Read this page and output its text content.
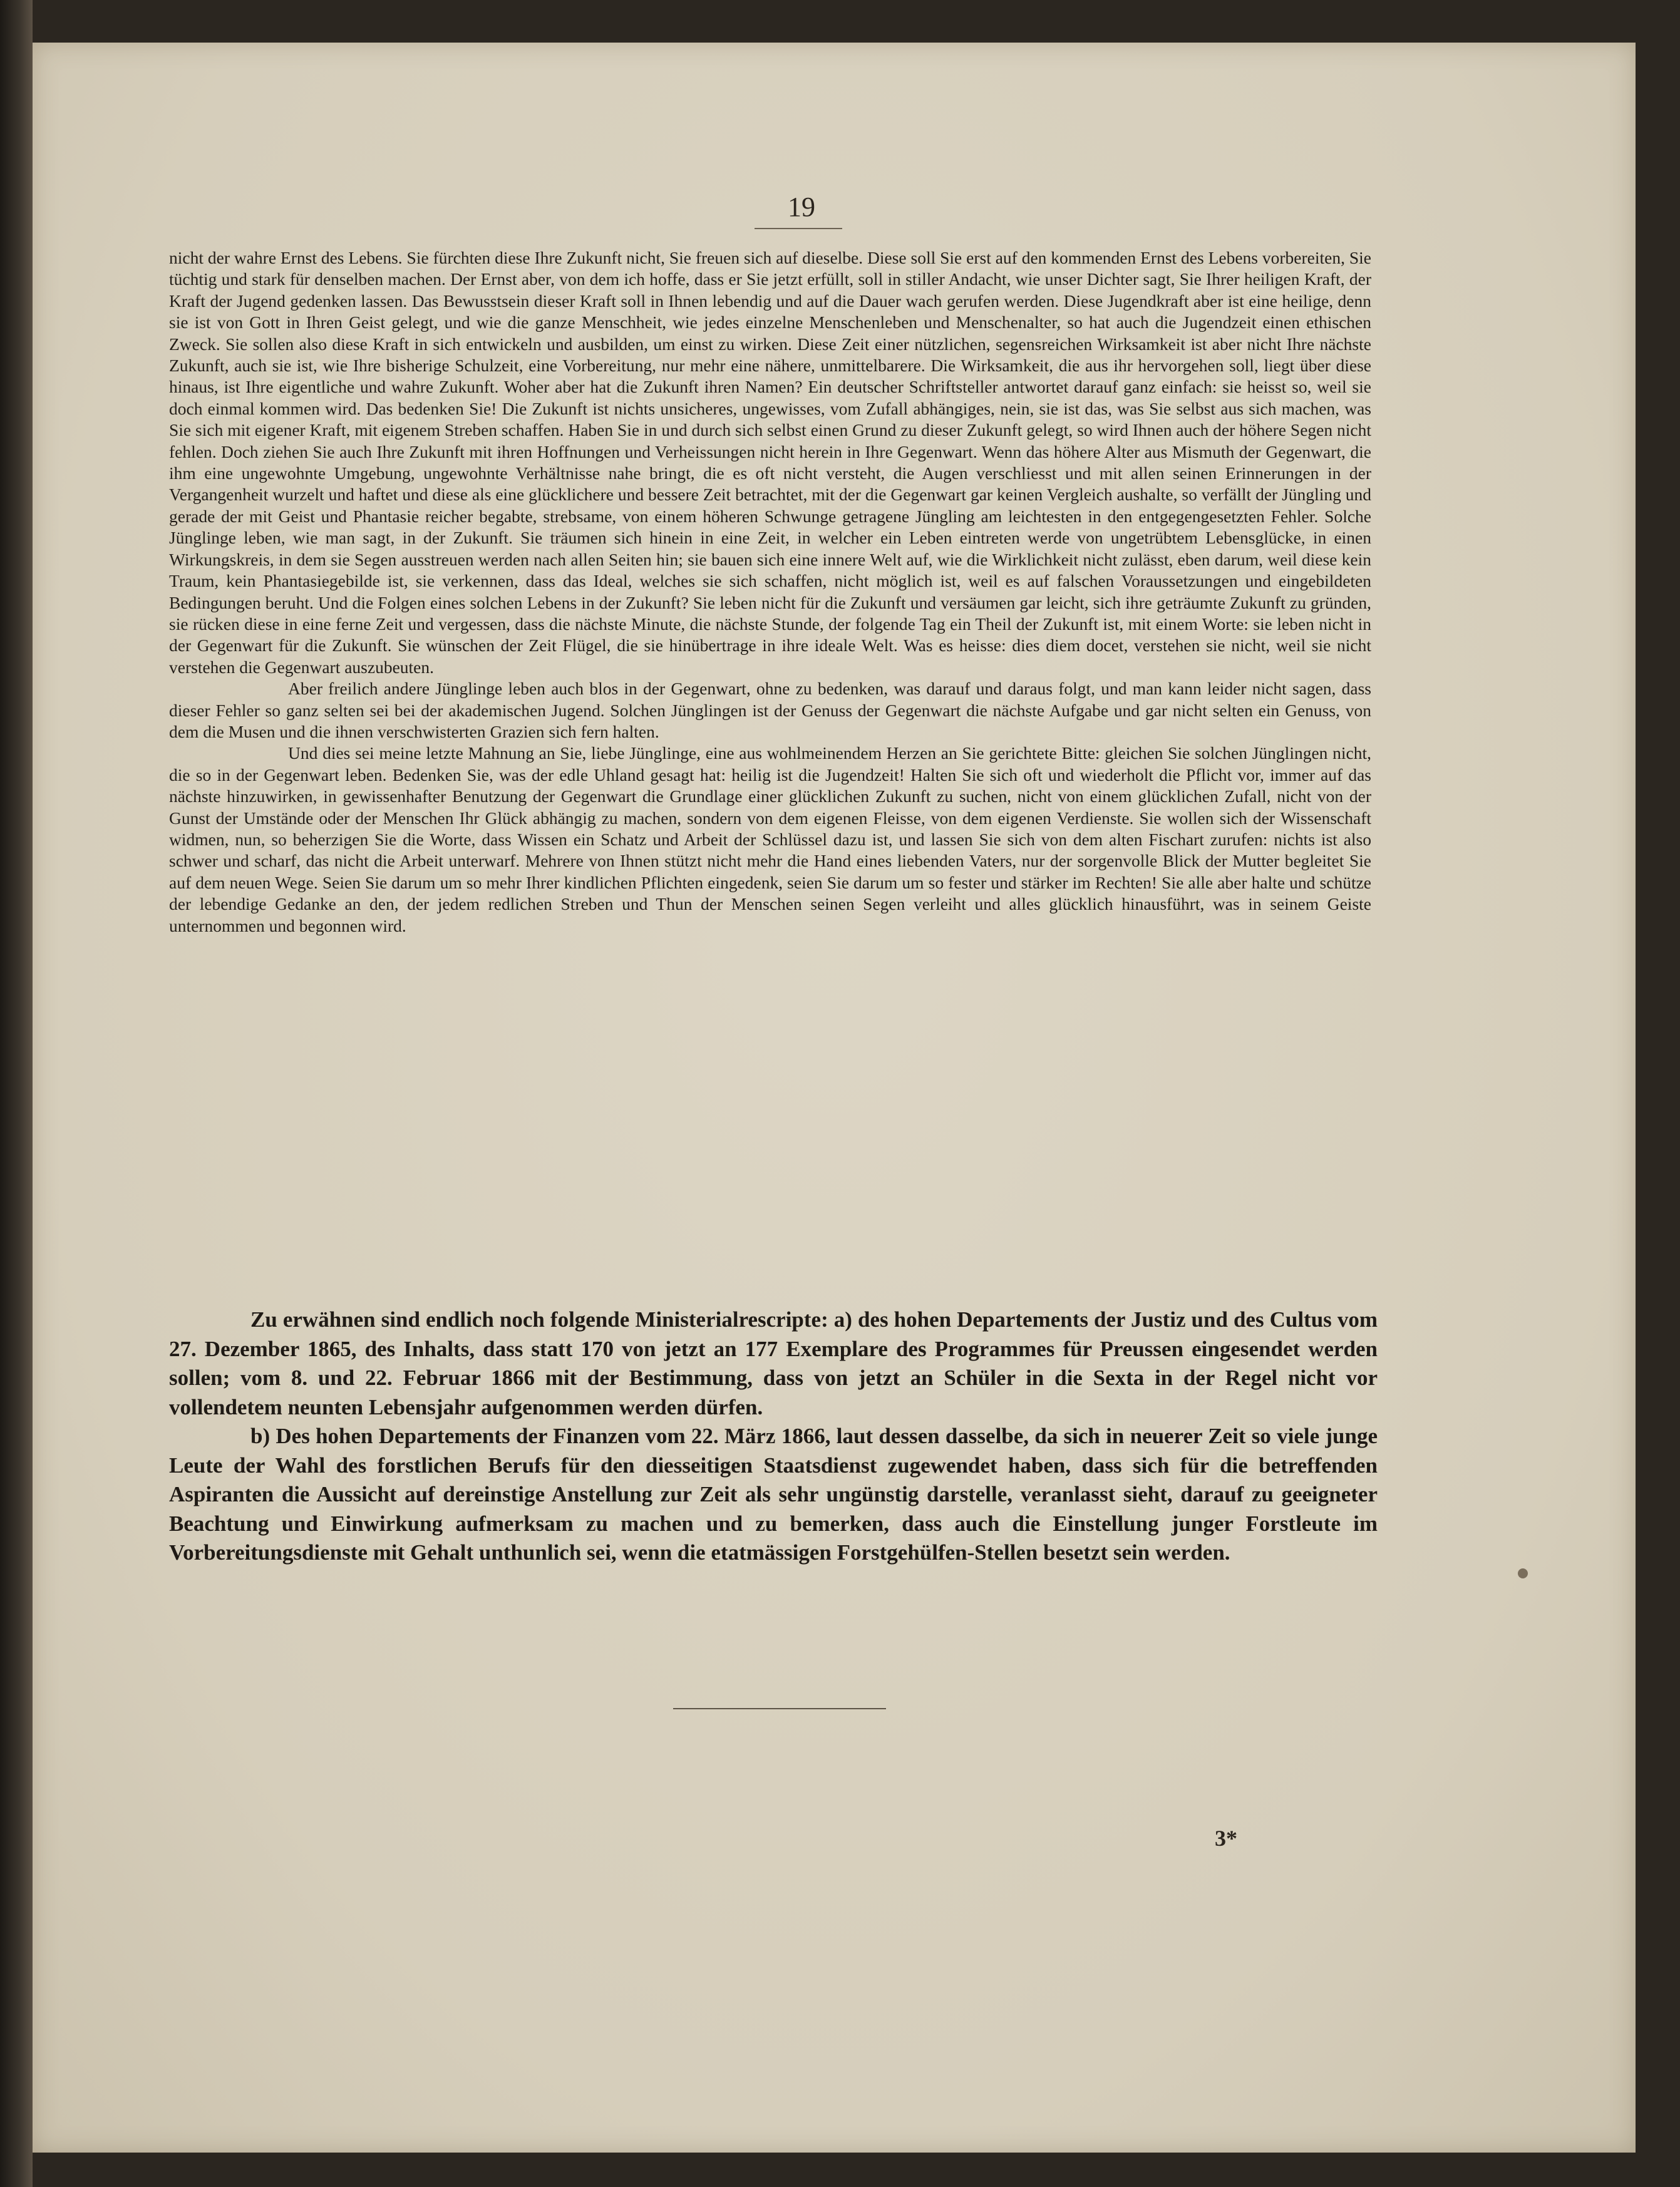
19

nicht der wahre Ernst des Lebens. Sie fürchten diese Ihre Zukunft nicht, Sie freuen sich auf dieselbe. Diese soll Sie erst auf den kommenden Ernst des Lebens vorbereiten, Sie tüchtig und stark für denselben machen. Der Ernst aber, von dem ich hoffe, dass er Sie jetzt erfüllt, soll in stiller Andacht, wie unser Dichter sagt, Sie Ihrer heiligen Kraft, der Kraft der Jugend gedenken lassen. Das Bewusstsein dieser Kraft soll in Ihnen lebendig und auf die Dauer wach gerufen werden. Diese Jugendkraft aber ist eine heilige, denn sie ist von Gott in Ihren Geist gelegt, und wie die ganze Menschheit, wie jedes einzelne Menschenleben und Menschenalter, so hat auch die Jugendzeit einen ethischen Zweck. Sie sollen also diese Kraft in sich entwickeln und ausbilden, um einst zu wirken. Diese Zeit einer nützlichen, segensreichen Wirksamkeit ist aber nicht Ihre nächste Zukunft, auch sie ist, wie Ihre bisherige Schulzeit, eine Vorbereitung, nur mehr eine nähere, unmittelbarere. Die Wirksamkeit, die aus ihr hervorgehen soll, liegt über diese hinaus, ist Ihre eigentliche und wahre Zukunft. Woher aber hat die Zukunft ihren Namen? Ein deutscher Schriftsteller antwortet darauf ganz einfach: sie heisst so, weil sie doch einmal kommen wird. Das bedenken Sie! Die Zukunft ist nichts unsicheres, ungewisses, vom Zufall abhängiges, nein, sie ist das, was Sie selbst aus sich machen, was Sie sich mit eigener Kraft, mit eigenem Streben schaffen. Haben Sie in und durch sich selbst einen Grund zu dieser Zukunft gelegt, so wird Ihnen auch der höhere Segen nicht fehlen. Doch ziehen Sie auch Ihre Zukunft mit ihren Hoffnungen und Verheissungen nicht herein in Ihre Gegenwart. Wenn das höhere Alter aus Mismuth der Gegenwart, die ihm eine ungewohnte Umgebung, ungewohnte Verhältnisse nahe bringt, die es oft nicht versteht, die Augen verschliesst und mit allen seinen Erinnerungen in der Vergangenheit wurzelt und haftet und diese als eine glücklichere und bessere Zeit betrachtet, mit der die Gegenwart gar keinen Vergleich aushalte, so verfällt der Jüngling und gerade der mit Geist und Phantasie reicher begabte, strebsame, von einem höheren Schwunge getragene Jüngling am leichtesten in den entgegengesetzten Fehler. Solche Jünglinge leben, wie man sagt, in der Zukunft. Sie träumen sich hinein in eine Zeit, in welcher ein Leben eintreten werde von ungetrübtem Lebensglücke, in einen Wirkungskreis, in dem sie Segen ausstreuen werden nach allen Seiten hin; sie bauen sich eine innere Welt auf, wie die Wirklichkeit nicht zulässt, eben darum, weil diese kein Traum, kein Phantasiegebilde ist, sie verkennen, dass das Ideal, welches sie sich schaffen, nicht möglich ist, weil es auf falschen Voraussetzungen und eingebildeten Bedingungen beruht. Und die Folgen eines solchen Lebens in der Zukunft? Sie leben nicht für die Zukunft und versäumen gar leicht, sich ihre geträumte Zukunft zu gründen, sie rücken diese in eine ferne Zeit und vergessen, dass die nächste Minute, die nächste Stunde, der folgende Tag ein Theil der Zukunft ist, mit einem Worte: sie leben nicht in der Gegenwart für die Zukunft. Sie wünschen der Zeit Flügel, die sie hinübertrage in ihre ideale Welt. Was es heisse: dies diem docet, verstehen sie nicht, weil sie nicht verstehen die Gegenwart auszubeuten.

Aber freilich andere Jünglinge leben auch blos in der Gegenwart, ohne zu bedenken, was darauf und daraus folgt, und man kann leider nicht sagen, dass dieser Fehler so ganz selten sei bei der akademischen Jugend. Solchen Jünglingen ist der Genuss der Gegenwart die nächste Aufgabe und gar nicht selten ein Genuss, von dem die Musen und die ihnen verschwisterten Grazien sich fern halten.

Und dies sei meine letzte Mahnung an Sie, liebe Jünglinge, eine aus wohlmeinendem Herzen an Sie gerichtete Bitte: gleichen Sie solchen Jünglingen nicht, die so in der Gegenwart leben. Bedenken Sie, was der edle Uhland gesagt hat: heilig ist die Jugendzeit! Halten Sie sich oft und wiederholt die Pflicht vor, immer auf das nächste hinzuwirken, in gewissenhafter Benutzung der Gegenwart die Grundlage einer glücklichen Zukunft zu suchen, nicht von einem glücklichen Zufall, nicht von der Gunst der Umstände oder der Menschen Ihr Glück abhängig zu machen, sondern von dem eigenen Fleisse, von dem eigenen Verdienste. Sie wollen sich der Wissenschaft widmen, nun, so beherzigen Sie die Worte, dass Wissen ein Schatz und Arbeit der Schlüssel dazu ist, und lassen Sie sich von dem alten Fischart zurufen: nichts ist also schwer und scharf, das nicht die Arbeit unterwarf. Mehrere von Ihnen stützt nicht mehr die Hand eines liebenden Vaters, nur der sorgenvolle Blick der Mutter begleitet Sie auf dem neuen Wege. Seien Sie darum um so mehr Ihrer kindlichen Pflichten eingedenk, seien Sie darum um so fester und stärker im Rechten! Sie alle aber halte und schütze der lebendige Gedanke an den, der jedem redlichen Streben und Thun der Menschen seinen Segen verleiht und alles glücklich hinausführt, was in seinem Geiste unternommen und begonnen wird.

Zu erwähnen sind endlich noch folgende Ministerialrescripte: a) des hohen Departements der Justiz und des Cultus vom 27. Dezember 1865, des Inhalts, dass statt 170 von jetzt an 177 Exemplare des Programmes für Preussen eingesendet werden sollen; vom 8. und 22. Februar 1866 mit der Bestimmung, dass von jetzt an Schüler in die Sexta in der Regel nicht vor vollendetem neunten Lebensjahr aufgenommen werden dürfen.

b) Des hohen Departements der Finanzen vom 22. März 1866, laut dessen dasselbe, da sich in neuerer Zeit so viele junge Leute der Wahl des forstlichen Berufs für den diesseitigen Staatsdienst zugewendet haben, dass sich für die betreffenden Aspiranten die Aussicht auf dereinstige Anstellung zur Zeit als sehr ungünstig darstelle, veranlasst sieht, darauf zu geeigneter Beachtung und Einwirkung aufmerksam zu machen und zu bemerken, dass auch die Einstellung junger Forstleute im Vorbereitungsdienste mit Gehalt unthunlich sei, wenn die etatmässigen Forstgehülfen-Stellen besetzt sein werden.

3*
